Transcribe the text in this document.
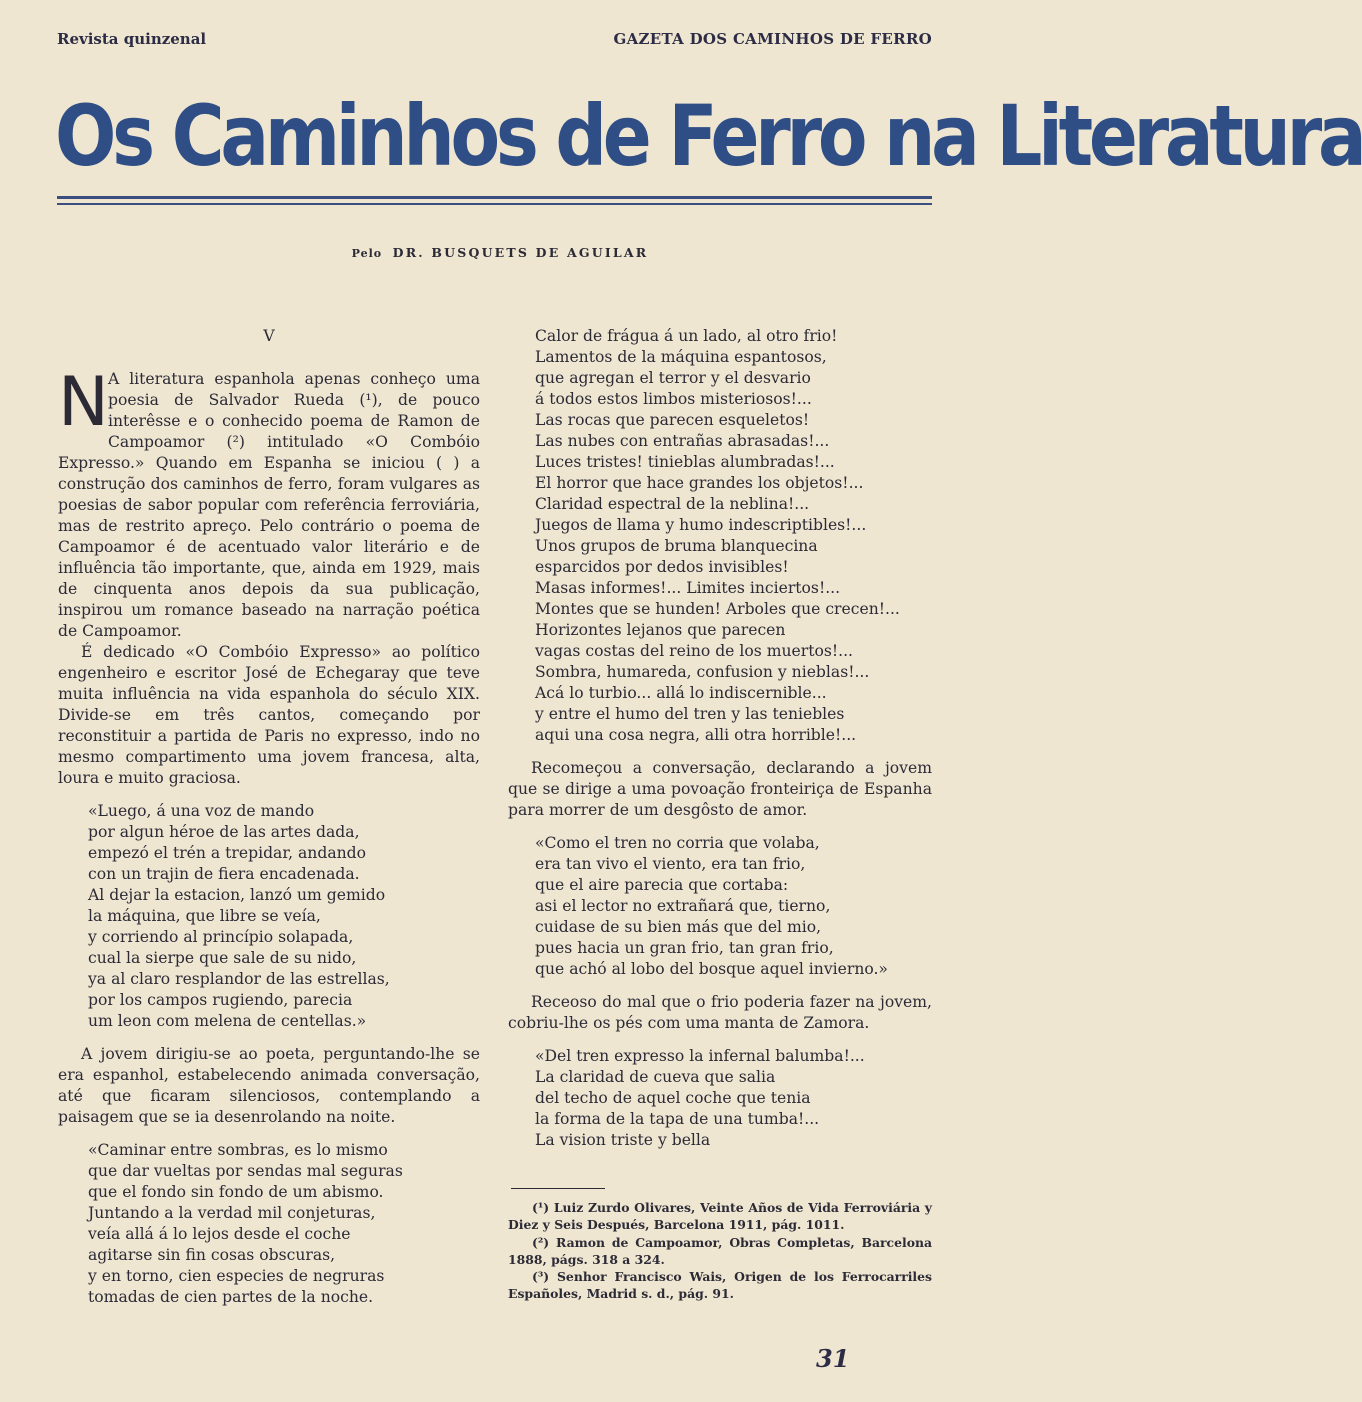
Revista quinzenal	GAZETA DOS CAMINHOS DE FERRO
Os Caminhos de Ferro na Literatura
Pelo DR. BUSQUETS DE AGUILAR
V

N A literatura espanhola apenas conheço uma poesia de Salvador Rueda (¹), de pouco interêsse e o conhecido poema de Ramon de Campoamor (²) intitulado «O Combóio Expresso.» Quando em Espanha se iniciou ( ) a construção dos caminhos de ferro, foram vulgares as poesias de sabor popular com referência ferroviária, mas de restrito apreço. Pelo contrário o poema de Campoamor é de acentuado valor literário e de influência tão importante, que, ainda em 1929, mais de cinquenta anos depois da sua publicação, inspirou um romance baseado na narração poética de Campoamor.

É dedicado «O Combóio Expresso» ao político engenheiro e escritor José de Echegaray que teve muita influência na vida espanhola do século XIX. Divide-se em três cantos, começando por reconstituir a partida de Paris no expresso, indo no mesmo compartimento uma jovem francesa, alta, loura e muito graciosa.

«Luego, á una voz de mando
por algun héroe de las artes dada,
empezó el trén a trepidar, andando
con un trajin de fiera encadenada.
Al dejar la estacion, lanzó um gemido
la máquina, que libre se veía,
y corriendo al princípio solapada,
cual la sierpe que sale de su nido,
ya al claro resplandor de las estrellas,
por los campos rugiendo, parecia
um leon com melena de centellas.»

A jovem dirigiu-se ao poeta, perguntando-lhe se era espanhol, estabelecendo animada conversação, até que ficaram silenciosos, contemplando a paisagem que se ia desenrolando na noite.

«Caminar entre sombras, es lo mismo
que dar vueltas por sendas mal seguras
que el fondo sin fondo de um abismo.
Juntando a la verdad mil conjeturas,
veía allá á lo lejos desde el coche
agitarse sin fin cosas obscuras,
y en torno, cien especies de negruras
tomadas de cien partes de la noche.
Calor de frágua á un lado, al otro frio!
Lamentos de la máquina espantosos,
que agregan el terror y el desvario
á todos estos limbos misteriosos!...
Las rocas que parecen esqueletos!
Las nubes con entrañas abrasadas!...
Luces tristes! tinieblas alumbradas!...
El horror que hace grandes los objetos!...
Claridad espectral de la neblina!...
Juegos de llama y humo indescriptibles!...
Unos grupos de bruma blanquecina
esparcidos por dedos invisibles!
Masas informes!... Limites inciertos!...
Montes que se hunden! Arboles que crecen!...
Horizontes lejanos que parecen
vagas costas del reino de los muertos!...
Sombra, humareda, confusion y nieblas!...
Acá lo turbio... allá lo indiscernible...
y entre el humo del tren y las teniebles
aqui una cosa negra, alli otra horrible!...

Recomeçou a conversação, declarando a jovem que se dirige a uma povoação fronteiriça de Espanha para morrer de um desgôsto de amor.

«Como el tren no corria que volaba,
era tan vivo el viento, era tan frio,
que el aire parecia que cortaba:
asi el lector no extrañará que, tierno,
cuidase de su bien más que del mio,
pues hacia un gran frio, tan gran frio,
que achó al lobo del bosque aquel invierno.»

Receoso do mal que o frio poderia fazer na jovem, cobriu-lhe os pés com uma manta de Zamora.

«Del tren expresso la infernal balumba!...
La claridad de cueva que salia
del techo de aquel coche que tenia
la forma de la tapa de una tumba!...
La vision triste y bella

(¹) Luiz Zurdo Olivares, Veinte Años de Vida Ferroviária y Diez y Seis Después, Barcelona 1911, pág. 1011.

(²) Ramon de Campoamor, Obras Completas, Barcelona 1888, págs. 318 a 324.

(³) Senhor Francisco Wais, Origen de los Ferrocarriles Españoles, Madrid s. d., pág. 91.

31
